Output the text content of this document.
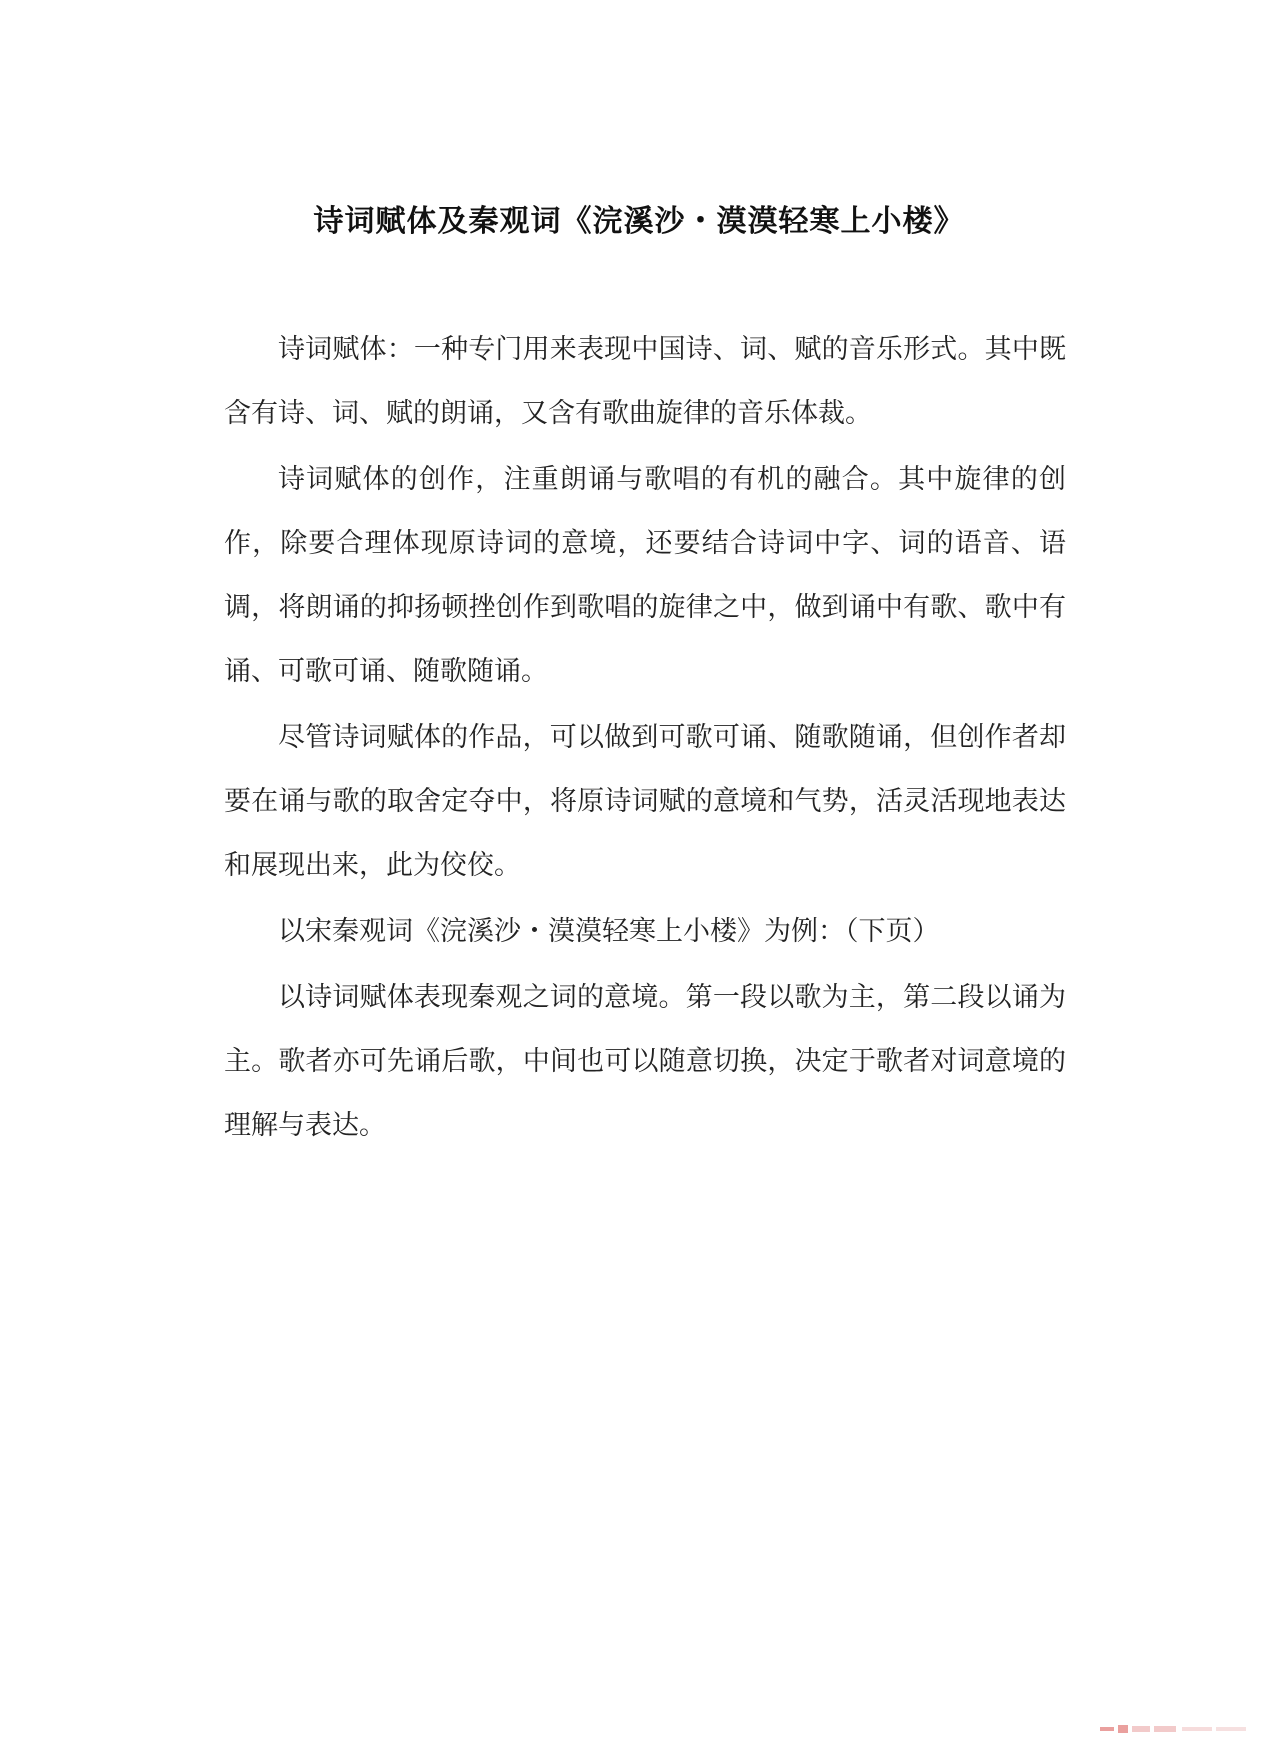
诗词赋体及秦观词《浣溪沙・漠漠轻寒上小楼》

诗词赋体：一种专门用来表现中国诗、词、赋的音乐形式。其中既含有诗、词、赋的朗诵，又含有歌曲旋律的音乐体裁。

诗词赋体的创作，注重朗诵与歌唱的有机的融合。其中旋律的创作，除要合理体现原诗词的意境，还要结合诗词中字、词的语音、语调，将朗诵的抑扬顿挫创作到歌唱的旋律之中，做到诵中有歌、歌中有诵、可歌可诵、随歌随诵。

尽管诗词赋体的作品，可以做到可歌可诵、随歌随诵，但创作者却要在诵与歌的取舍定夺中，将原诗词赋的意境和气势，活灵活现地表达和展现出来，此为佼佼。

以宋秦观词《浣溪沙・漠漠轻寒上小楼》为例：（下页）

以诗词赋体表现秦观之词的意境。第一段以歌为主，第二段以诵为主。歌者亦可先诵后歌，中间也可以随意切换，决定于歌者对词意境的理解与表达。
